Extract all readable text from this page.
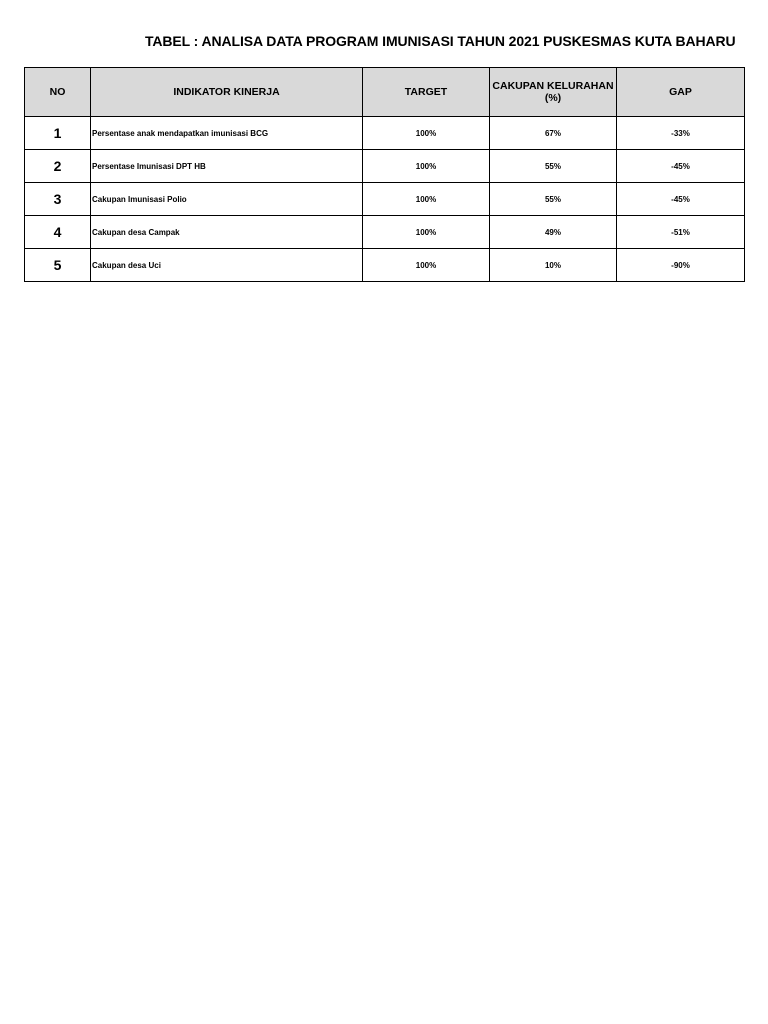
TABEL : ANALISA DATA PROGRAM IMUNISASI TAHUN 2021 PUSKESMAS KUTA BAHARU
NO	INDIKATOR KINERJA	TARGET	CAKUPAN KELURAHAN (%)	GAP
1	Persentase anak mendapatkan imunisasi BCG	100%	67%	-33%
2	Persentase Imunisasi DPT HB	100%	55%	-45%
3	Cakupan Imunisasi Polio	100%	55%	-45%
4	Cakupan desa Campak	100%	49%	-51%
5	Cakupan desa Uci	100%	10%	-90%
